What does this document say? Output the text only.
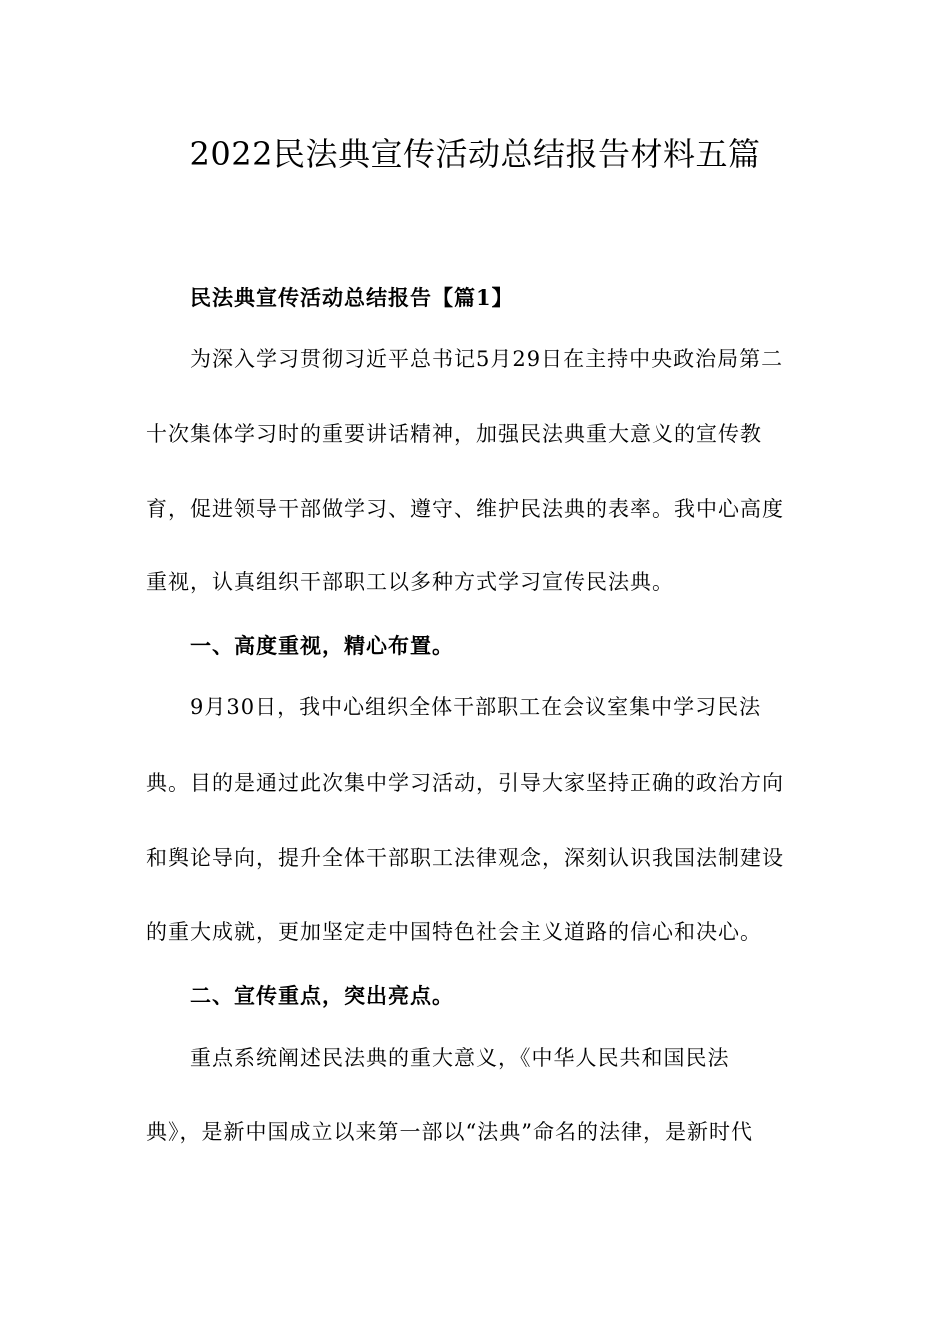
2022民法典宣传活动总结报告材料五篇

民法典宣传活动总结报告【篇1】

为深入学习贯彻习近平总书记5月29日在主持中央政治局第二

十次集体学习时的重要讲话精神，加强民法典重大意义的宣传教

育，促进领导干部做学习、遵守、维护民法典的表率。我中心高度

重视，认真组织干部职工以多种方式学习宣传民法典。

一、高度重视，精心布置。

9月30日，我中心组织全体干部职工在会议室集中学习民法

典。目的是通过此次集中学习活动，引导大家坚持正确的政治方向

和舆论导向，提升全体干部职工法律观念，深刻认识我国法制建设

的重大成就，更加坚定走中国特色社会主义道路的信心和决心。

二、宣传重点，突出亮点。

重点系统阐述民法典的重大意义，《中华人民共和国民法

典》，是新中国成立以来第一部以“法典”命名的法律，是新时代
